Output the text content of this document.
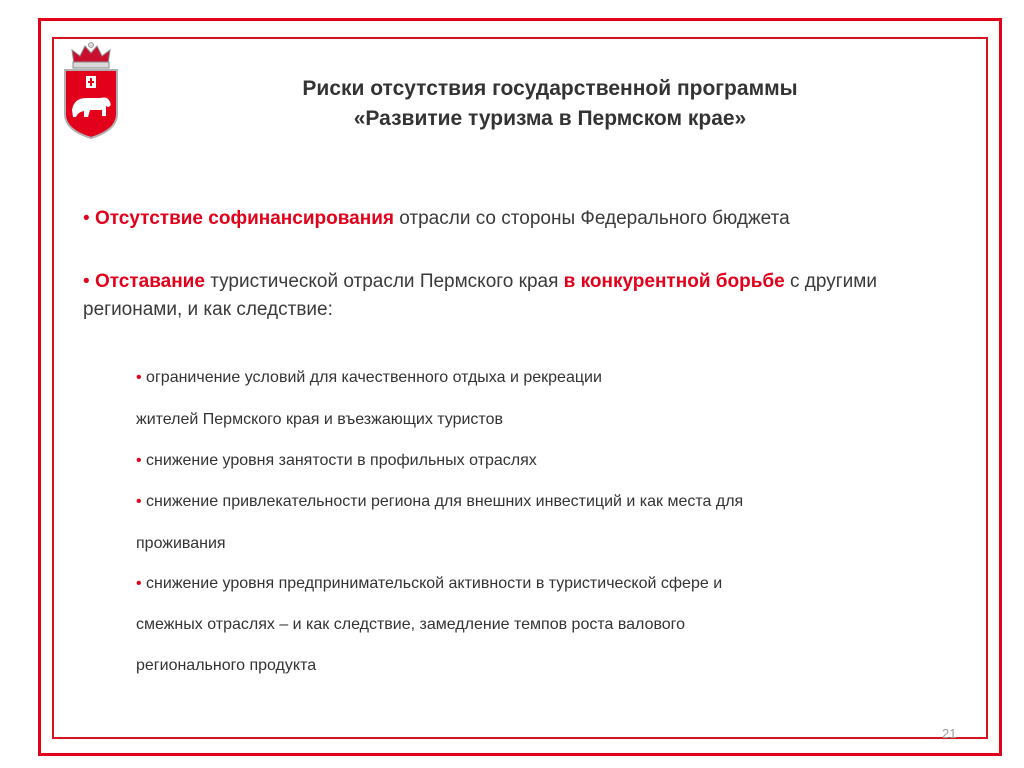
Риски отсутствия государственной программы
«Развитие туризма в Пермском крае»
• Отсутствие софинансирования отрасли со стороны Федерального бюджета
• Отставание туристической отрасли Пермского края в конкурентной борьбе с другими регионами, и как следствие:
• ограничение условий для качественного отдыха и рекреации
жителей Пермского края и въезжающих туристов
• снижение уровня занятости в профильных отраслях
• снижение привлекательности региона для внешних инвестиций и как места для
проживания
• снижение уровня предпринимательской активности в туристической сфере и
смежных отраслях – и как следствие, замедление темпов роста валового
регионального продукта
21
